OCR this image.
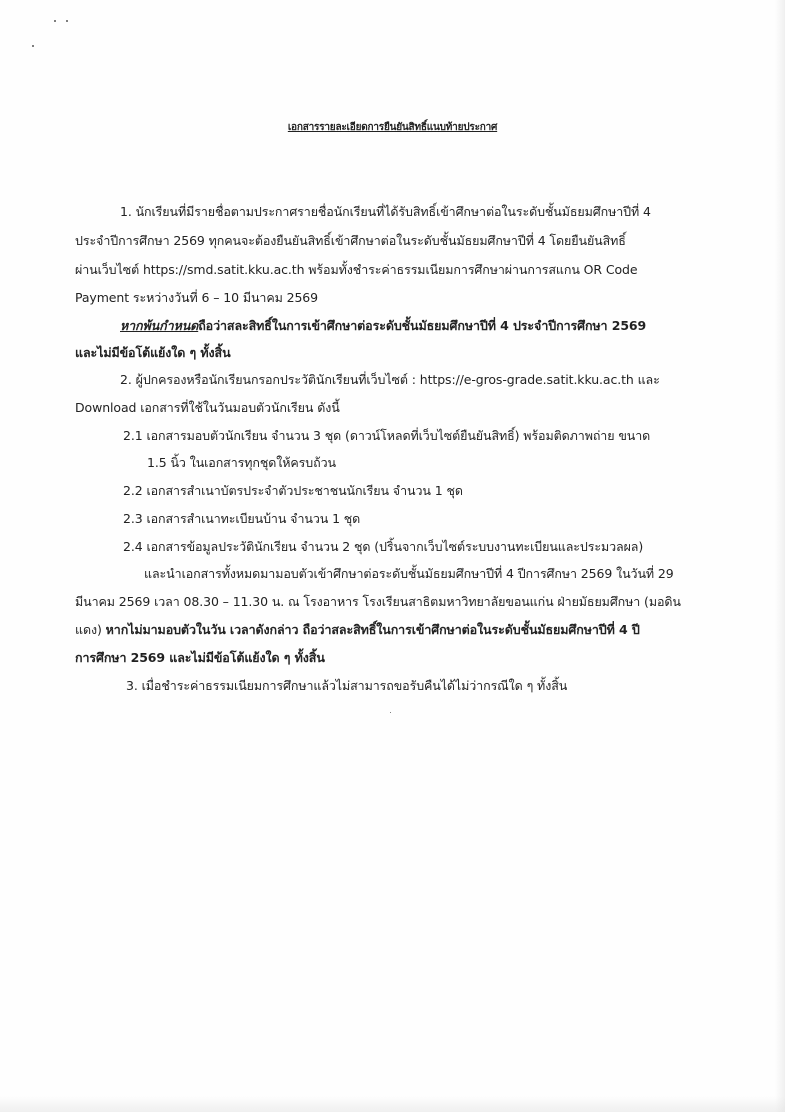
เอกสารรายละเอียดการยืนยันสิทธิ์แนบท้ายประกาศ
1. นักเรียนที่มีรายชื่อตามประกาศรายชื่อนักเรียนที่ได้รับสิทธิ์เข้าศึกษาต่อในระดับชั้นมัธยมศึกษาปีที่ 4
ประจำปีการศึกษา 2569 ทุกคนจะต้องยืนยันสิทธิ์เข้าศึกษาต่อในระดับชั้นมัธยมศึกษาปีที่ 4 โดยยืนยันสิทธิ์
ผ่านเว็บไซต์ https://smd.satit.kku.ac.th พร้อมทั้งชำระค่าธรรมเนียมการศึกษาผ่านการสแกน OR Code
Payment ระหว่างวันที่ 6 – 10 มีนาคม 2569
หากพ้นกำหนดถือว่าสละสิทธิ์ในการเข้าศึกษาต่อระดับชั้นมัธยมศึกษาปีที่ 4 ประจำปีการศึกษา 2569
และไม่มีข้อโต้แย้งใด ๆ ทั้งสิ้น
2. ผู้ปกครองหรือนักเรียนกรอกประวัตินักเรียนที่เว็บไซต์ : https://e-gros-grade.satit.kku.ac.th และ
Download เอกสารที่ใช้ในวันมอบตัวนักเรียน ดังนี้
2.1 เอกสารมอบตัวนักเรียน จำนวน 3 ชุด (ดาวน์โหลดที่เว็บไซต์ยืนยันสิทธิ์) พร้อมติดภาพถ่าย ขนาด
1.5 นิ้ว ในเอกสารทุกชุดให้ครบถ้วน
2.2 เอกสารสำเนาบัตรประจำตัวประชาชนนักเรียน จำนวน 1 ชุด
2.3 เอกสารสำเนาทะเบียนบ้าน จำนวน 1 ชุด
2.4 เอกสารข้อมูลประวัตินักเรียน จำนวน 2 ชุด (ปริ้นจากเว็บไซต์ระบบงานทะเบียนและประมวลผล)
และนำเอกสารทั้งหมดมามอบตัวเข้าศึกษาต่อระดับชั้นมัธยมศึกษาปีที่ 4 ปีการศึกษา 2569 ในวันที่ 29
มีนาคม 2569 เวลา 08.30 – 11.30 น. ณ โรงอาหาร โรงเรียนสาธิตมหาวิทยาลัยขอนแก่น ฝ่ายมัธยมศึกษา (มอดิน
แดง) หากไม่มามอบตัวในวัน เวลาดังกล่าว ถือว่าสละสิทธิ์ในการเข้าศึกษาต่อในระดับชั้นมัธยมศึกษาปีที่ 4 ปี
การศึกษา 2569 และไม่มีข้อโต้แย้งใด ๆ ทั้งสิ้น
3. เมื่อชำระค่าธรรมเนียมการศึกษาแล้วไม่สามารถขอรับคืนได้ไม่ว่ากรณีใด ๆ ทั้งสิ้น
